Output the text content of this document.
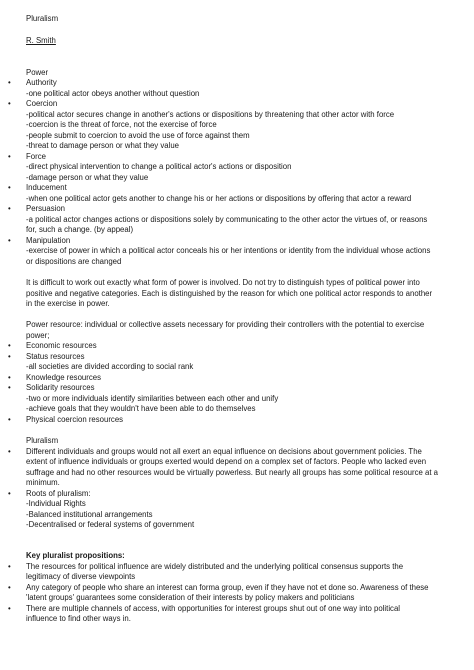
Pluralism
R. Smith
Power
• Authority
-one political actor obeys another without question
• Coercion
-political actor secures change in another's actions or dispositions by threatening that other actor with force
-coercion is the threat of force, not the exercise of force
-people submit to coercion to avoid the use of force against them
-threat to damage person or what they value
• Force
-direct physical intervention to change a political actor's actions or disposition
-damage person or what they value
• Inducement
-when one political actor gets another to change his or her actions or dispositions by offering that actor a reward
• Persuasion
-a political actor changes actions or dispositions solely by communicating to the other actor the virtues of, or reasons
for, such a change. (by appeal)
• Manipulation
-exercise of power in which a political actor conceals his or her intentions or identity from the individual whose actions
or dispositions are changed
It is difficult to work out exactly what form of power is involved. Do not try to distinguish types of political power into
positive and negative categories. Each is distinguished by the reason for which one political actor responds to another
in the exercise in power.
Power resource: individual or collective assets necessary for providing their controllers with the potential to exercise
power;
• Economic resources
• Status resources
-all societies are divided according to social rank
• Knowledge resources
• Solidarity resources
-two or more individuals identify similarities between each other and unify
-achieve goals that they wouldn't have been able to do themselves
• Physical coercion resources
Pluralism
• Different individuals and groups would not all exert an equal influence on decisions about government policies. The
extent of influence individuals or groups exerted would depend on a complex set of factors. People who lacked even
suffrage and had no other resources would be virtually powerless. But nearly all groups has some political resource at a
minimum.
• Roots of pluralism:
-Individual Rights
-Balanced institutional arrangements
-Decentralised or federal systems of government
Key pluralist propositions:
• The resources for political influence are widely distributed and the underlying political consensus supports the
legitimacy of diverse viewpoints
• Any category of people who share an interest can forma group, even if they have not et done so. Awareness of these
'latent groups' guarantees some consideration of their interests by policy makers and politicians
• There are multiple channels of access, with opportunities for interest groups shut out of one way into political
influence to find other ways in.
